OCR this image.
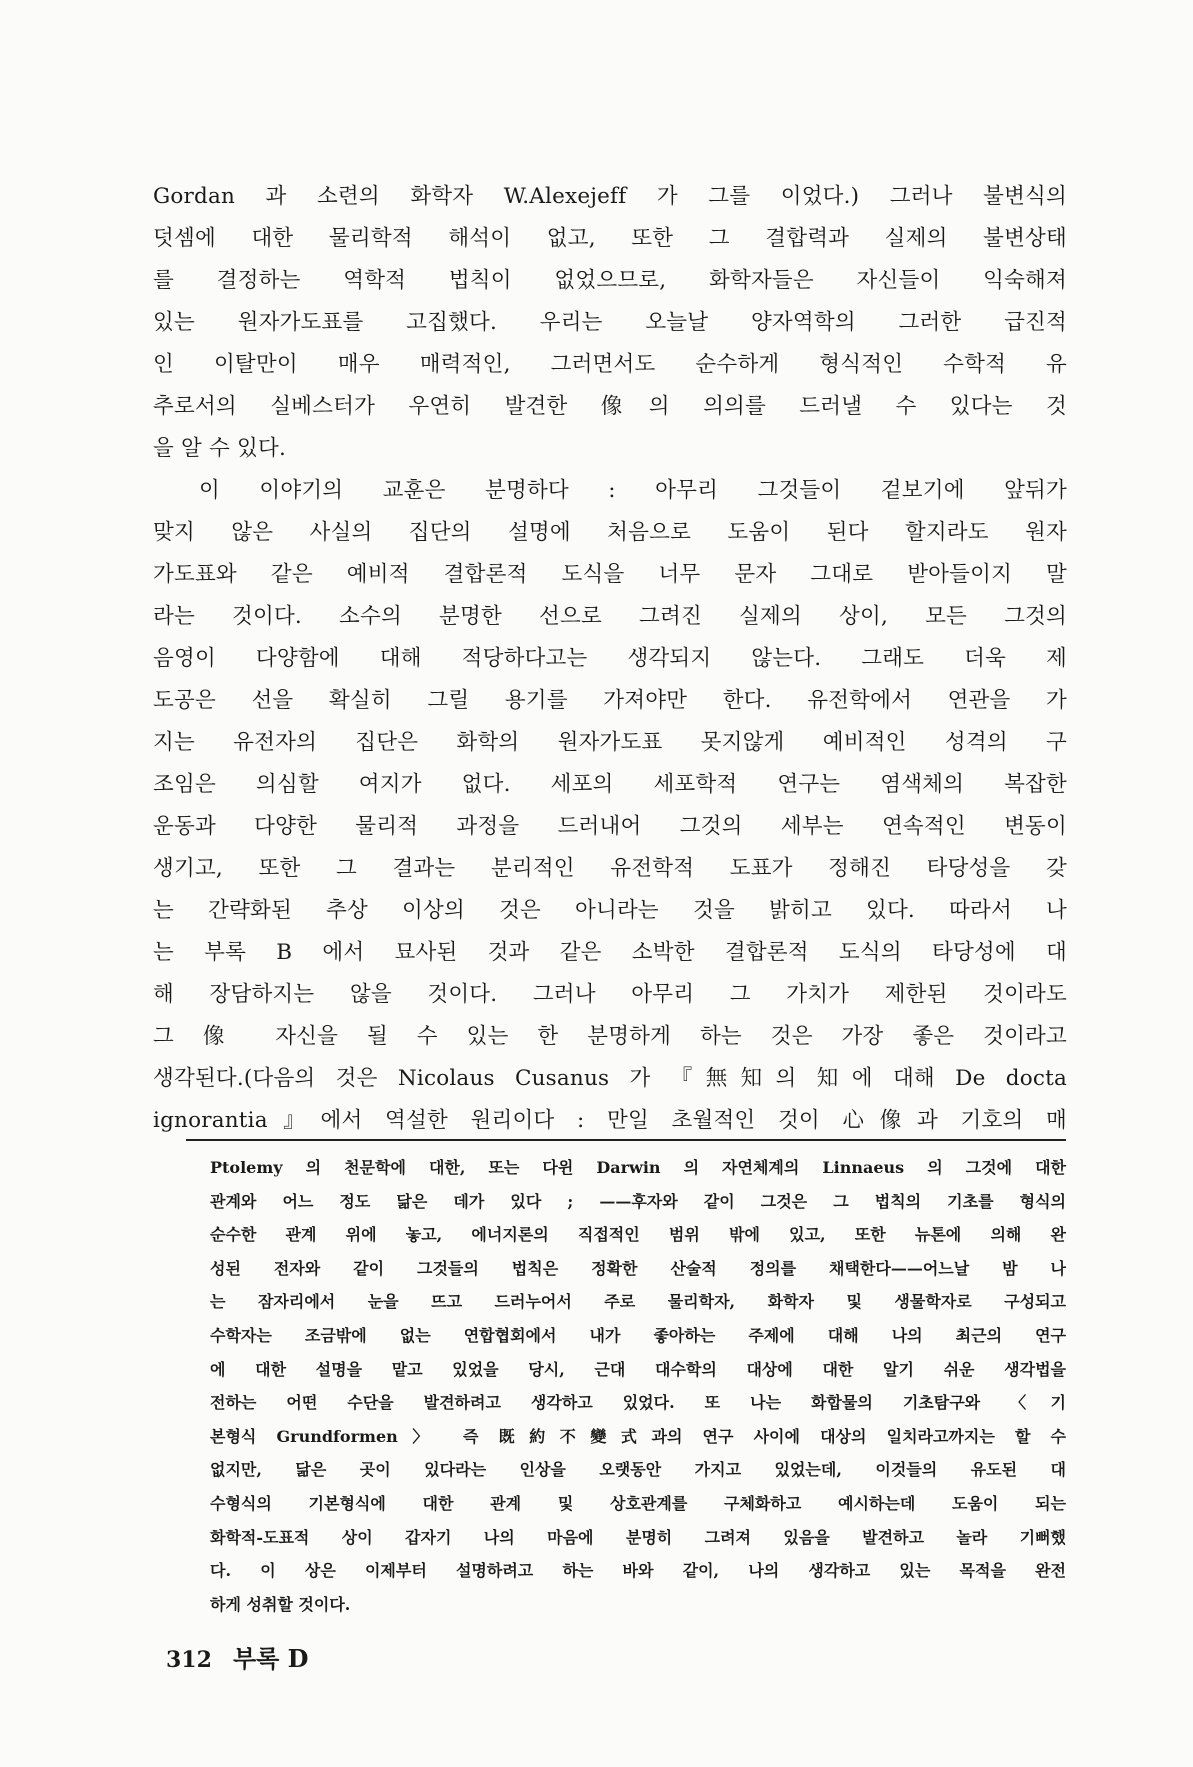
Gordan 과 소련의 화학자 W.Alexejeff 가 그를 이었다.) 그러나 불변식의
덧셈에 대한 물리학적 해석이 없고, 또한 그 결합력과 실제의 불변상태
를 결정하는 역학적 법칙이 없었으므로, 화학자들은 자신들이 익숙해져
있는 원자가도표를 고집했다. 우리는 오늘날 양자역학의 그러한 급진적
인 이탈만이 매우 매력적인, 그러면서도 순수하게 형식적인 수학적 유
추로서의 실베스터가 우연히 발견한 像의 의의를 드러낼 수 있다는 것
을 알 수 있다.
이 이야기의 교훈은 분명하다 : 아무리 그것들이 겉보기에 앞뒤가
맞지 않은 사실의 집단의 설명에 처음으로 도움이 된다 할지라도 원자
가도표와 같은 예비적 결합론적 도식을 너무 문자 그대로 받아들이지 말
라는 것이다. 소수의 분명한 선으로 그려진 실제의 상이, 모든 그것의
음영이 다양함에 대해 적당하다고는 생각되지 않는다. 그래도 더욱 제
도공은 선을 확실히 그릴 용기를 가져야만 한다. 유전학에서 연관을 가
지는 유전자의 집단은 화학의 원자가도표 못지않게 예비적인 성격의 구
조임은 의심할 여지가 없다. 세포의 세포학적 연구는 염색체의 복잡한
운동과 다양한 물리적 과정을 드러내어 그것의 세부는 연속적인 변동이
생기고, 또한 그 결과는 분리적인 유전학적 도표가 정해진 타당성을 갖
는 간략화된 추상 이상의 것은 아니라는 것을 밝히고 있다. 따라서 나
는 부록 B 에서 묘사된 것과 같은 소박한 결합론적 도식의 타당성에 대
해 장담하지는 않을 것이다. 그러나 아무리 그 가치가 제한된 것이라도
그 像 자신을 될 수 있는 한 분명하게 하는 것은 가장 좋은 것이라고
생각된다.(다음의 것은 Nicolaus Cusanus 가 『無知의 知에 대해 De docta
ignorantia』에서 역설한 원리이다 : 만일 초월적인 것이 心像과 기호의 매
Ptolemy 의 천문학에 대한, 또는 다윈 Darwin 의 자연체계의 Linnaeus 의 그것에 대한
관계와 어느 정도 닮은 데가 있다 ; ——후자와 같이 그것은 그 법칙의 기초를 형식의
순수한 관계 위에 놓고, 에너지론의 직접적인 범위 밖에 있고, 또한 뉴톤에 의해 완
성된 전자와 같이 그것들의 법칙은 정확한 산술적 정의를 채택한다——어느날 밤 나
는 잠자리에서 눈을 뜨고 드러누어서 주로 물리학자, 화학자 및 생물학자로 구성되고
수학자는 조금밖에 없는 연합협회에서 내가 좋아하는 주제에 대해 나의 최근의 연구
에 대한 설명을 맡고 있었을 당시, 근대 대수학의 대상에 대한 알기 쉬운 생각법을
전하는 어떤 수단을 발견하려고 생각하고 있었다. 또 나는 화합물의 기초탐구와 〈기
본형식 Grundformen〉 즉 既約不變式과의 연구 사이에 대상의 일치라고까지는 할 수
없지만, 닮은 곳이 있다라는 인상을 오랫동안 가지고 있었는데, 이것들의 유도된 대
수형식의 기본형식에 대한 관계 및 상호관계를 구체화하고 예시하는데 도움이 되는
화학적-도표적 상이 갑자기 나의 마음에 분명히 그려져 있음을 발견하고 놀라 기뻐했
다. 이 상은 이제부터 설명하려고 하는 바와 같이, 나의 생각하고 있는 목적을 완전
하게 성취할 것이다.
312 부록 D
